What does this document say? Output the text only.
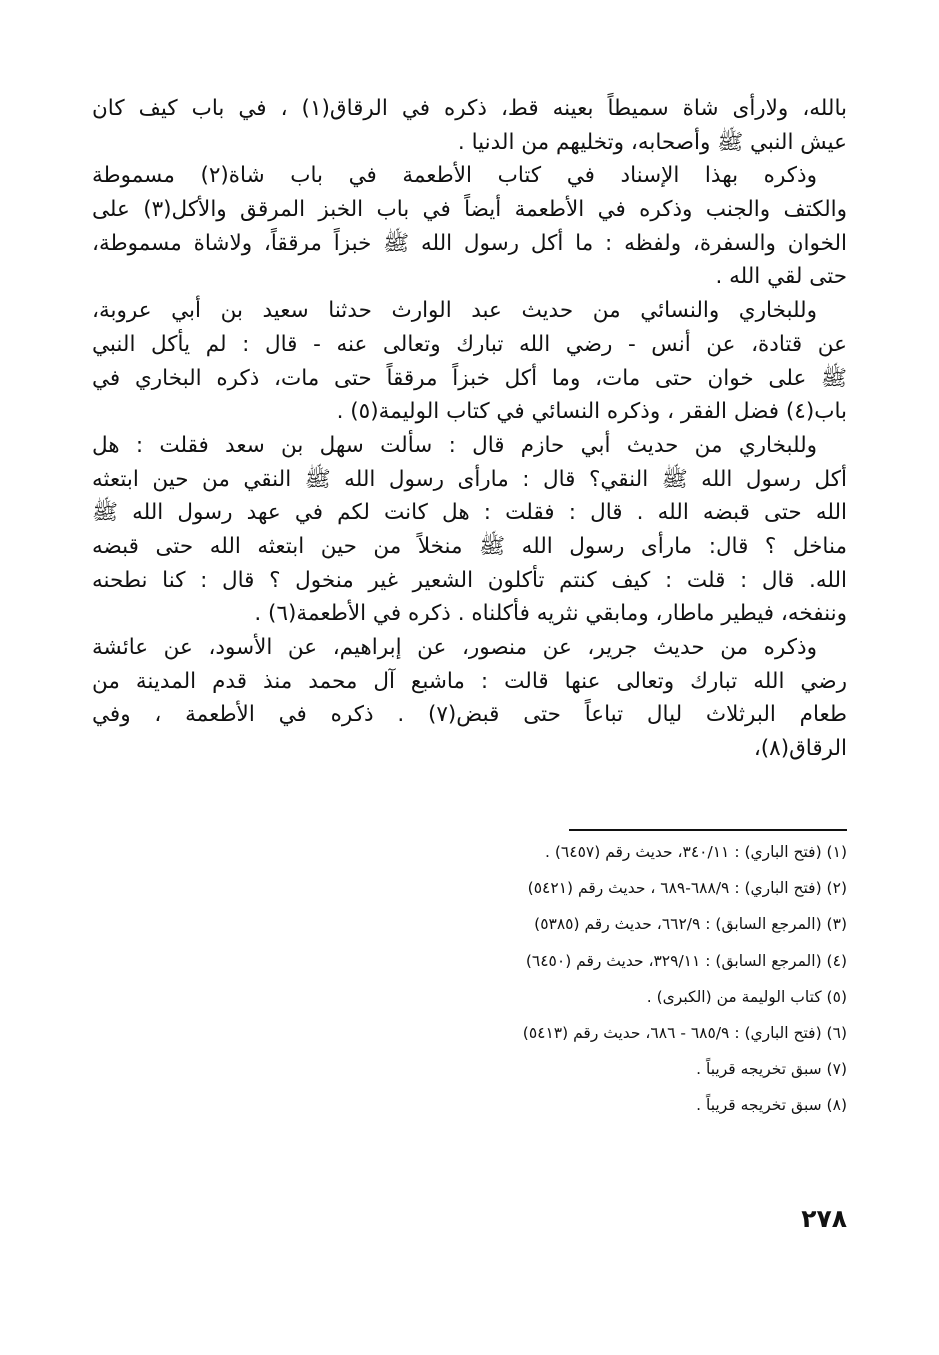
بالله، ولارأى شاة سميطاً بعينه قط، ذكره في الرقاق(١) ، في باب كيف كان
عيش النبي ﷺ وأصحابه، وتخليهم من الدنيا .
وذكره بهذا الإسناد في كتاب الأطعمة في باب شاة(٢) مسموطة
والكتف والجنب وذكره في الأطعمة أيضاً في باب الخبز المرقق والأكل(٣) على
الخوان والسفرة، ولفظه : ما أكل رسول الله ﷺ خبزاً مرققاً، ولاشاة مسموطة،
حتى لقي الله .
وللبخاري والنسائي من حديث عبد الوارث حدثنا سعيد بن أبي عروبة،
عن قتادة، عن أنس - رضي الله تبارك وتعالى عنه - قال : لم يأكل النبي
ﷺ على خوان حتى مات، وما أكل خبزاً مرققاً حتى مات، ذكره البخاري في
باب(٤) فضل الفقر ، وذكره النسائي في كتاب الوليمة(٥) .
وللبخاري من حديث أبي حازم قال : سألت سهل بن سعد فقلت : هل
أكل رسول الله ﷺ النقي؟ قال : مارأى رسول الله ﷺ النقي من حين ابتعثه
الله حتى قبضه الله . قال : فقلت : هل كانت لكم في عهد رسول الله ﷺ
مناخل ؟ قال: مارأى رسول الله ﷺ منخلاً من حين ابتعثه الله حتى قبضه
الله. قال : قلت : كيف كنتم تأكلون الشعير غير منخول ؟ قال : كنا نطحنه
وننفخه، فيطير ماطار، ومابقي نثريه فأكلناه . ذكره في الأطعمة(٦) .
وذكره من حديث جرير، عن منصور، عن إبراهيم، عن الأسود، عن عائشة
رضي الله تبارك وتعالى عنها قالت : ماشبع آل محمد منذ قدم المدينة من
طعام البرثلاث ليال تباعاً حتى قبض(٧) . ذكره في الأطعمة ، وفي
الرقاق(٨)،
(١) (فتح الباري) : ٣٤٠/١١، حديث رقم (٦٤٥٧) .
(٢) (فتح الباري) : ٦٨٨/٩-٦٨٩ ، حديث رقم (٥٤٢١)
(٣) (المرجع السابق) : ٦٦٢/٩، حديث رقم (٥٣٨٥)
(٤) (المرجع السابق) : ٣٢٩/١١، حديث رقم (٦٤٥٠)
(٥) كتاب الوليمة من (الكبرى) .
(٦) (فتح الباري) : ٦٨٥/٩ - ٦٨٦، حديث رقم (٥٤١٣)
(٧) سبق تخريجه قريباً .
(٨) سبق تخريجه قريباً .
٢٧٨
